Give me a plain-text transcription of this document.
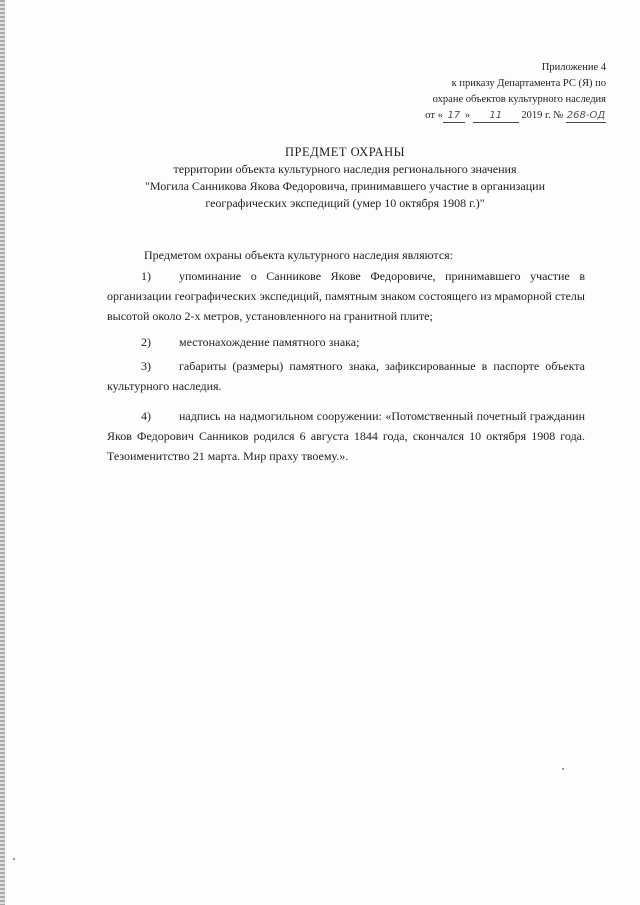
Приложение 4
к приказу Департамента РС (Я) по
охране объектов культурного наследия
от « 17 » 11 2019 г. № 268-ОД
ПРЕДМЕТ ОХРАНЫ
территории объекта культурного наследия регионального значения
"Могила Санникова Якова Федоровича, принимавшего участие в организации
географических экспедиций (умер 10 октября 1908 г.)"
Предметом охраны объекта культурного наследия являются:
1) упоминание о Санникове Якове Федоровиче, принимавшего участие в организации географических экспедиций, памятным знаком состоящего из мраморной стелы высотой около 2-х метров, установленного на гранитной плите;
2) местонахождение памятного знака;
3) габариты (размеры) памятного знака, зафиксированные в паспорте объекта культурного наследия.
4) надпись на надмогильном сооружении: «Потомственный почетный гражданин Яков Федорович Санников родился 6 августа 1844 года, скончался 10 октября 1908 года. Тезоименитство 21 марта. Мир праху твоему.».
